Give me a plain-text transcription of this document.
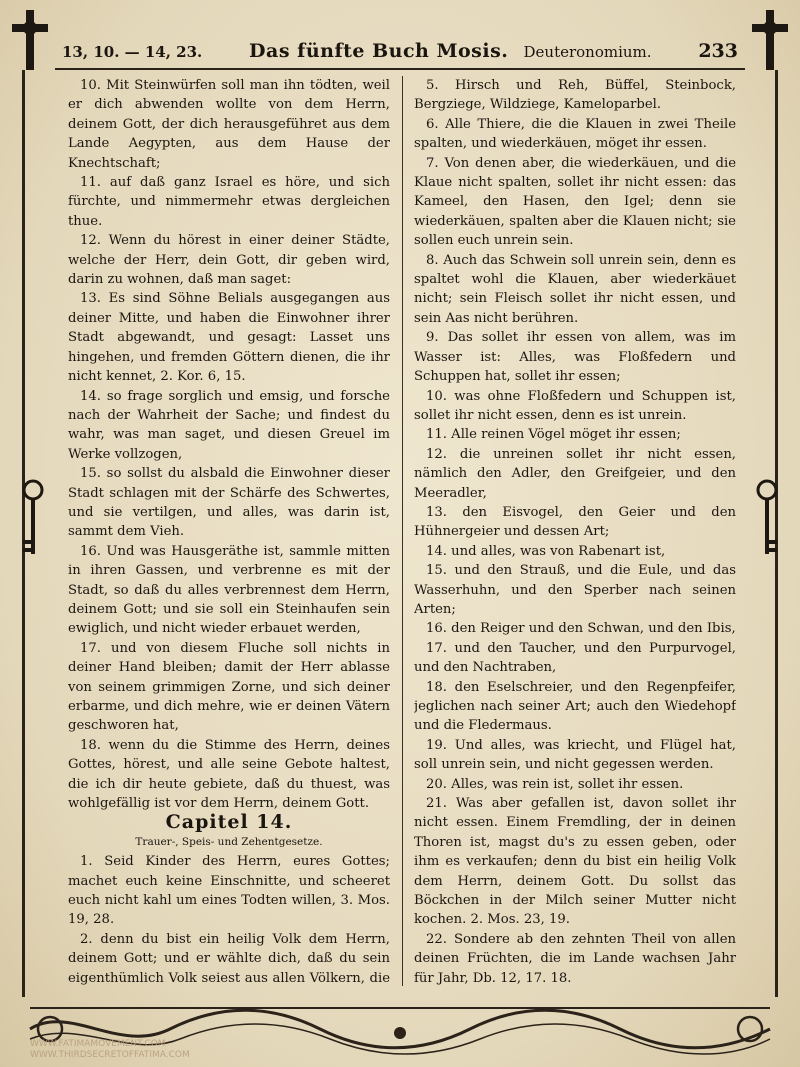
13, 10. — 14, 23. Das fünfte Buch Mosis. Deuteronomium. 233

10. Mit Steinwürfen soll man ihn tödten, weil er dich abwenden wollte von dem Herrn, deinem Gott, der dich herausgeführet aus dem Lande Aegypten, aus dem Hause der Knechtschaft;

11. auf daß ganz Israel es höre, und sich fürchte, und nimmermehr etwas dergleichen thue.

12. Wenn du hörest in einer deiner Städte, welche der Herr, dein Gott, dir geben wird, darin zu wohnen, daß man saget:

13. Es sind Söhne Belials ausgegangen aus deiner Mitte, und haben die Einwohner ihrer Stadt abgewandt, und gesagt: Lasset uns hingehen, und fremden Göttern dienen, die ihr nicht kennet, 2. Kor. 6, 15.

14. so frage sorglich und emsig, und forsche nach der Wahrheit der Sache; und findest du wahr, was man saget, und diesen Greuel im Werke vollzogen,

15. so sollst du alsbald die Einwohner dieser Stadt schlagen mit der Schärfe des Schwertes, und sie vertilgen, und alles, was darin ist, sammt dem Vieh.

16. Und was Hausgeräthe ist, sammle mitten in ihren Gassen, und verbrenne es mit der Stadt, so daß du alles verbrennest dem Herrn, deinem Gott; und sie soll ein Steinhaufen sein ewiglich, und nicht wieder erbauet werden,

17. und von diesem Fluche soll nichts in deiner Hand bleiben; damit der Herr ablasse von seinem grimmigen Zorne, und sich deiner erbarme, und dich mehre, wie er deinen Vätern geschworen hat,

18. wenn du die Stimme des Herrn, deines Gottes, hörest, und alle seine Gebote haltest, die ich dir heute gebiete, daß du thuest, was wohlgefällig ist vor dem Herrn, deinem Gott.

Capitel 14.

Trauer-, Speis- und Zehentgesetze.

1. Seid Kinder des Herrn, eures Gottes; machet euch keine Einschnitte, und scheeret euch nicht kahl um eines Todten willen, 3. Mos. 19, 28.

2. denn du bist ein heilig Volk dem Herrn, deinem Gott; und er wählte dich, daß du sein eigenthümlich Volk seiest aus allen Völkern, die

5. Hirsch und Reh, Büffel, Steinbock, Bergziege, Wildziege, Kameloparbel.

6. Alle Thiere, die die Klauen in zwei Theile spalten, und wiederkäuen, möget ihr essen.

7. Von denen aber, die wiederkäuen, und die Klaue nicht spalten, sollet ihr nicht essen: das Kameel, den Hasen, den Igel; denn sie wiederkäuen, spalten aber die Klauen nicht; sie sollen euch unrein sein.

8. Auch das Schwein soll unrein sein, denn es spaltet wohl die Klauen, aber wiederkäuet nicht; sein Fleisch sollet ihr nicht essen, und sein Aas nicht berühren.

9. Das sollet ihr essen von allem, was im Wasser ist: Alles, was Floßfedern und Schuppen hat, sollet ihr essen;

10. was ohne Floßfedern und Schuppen ist, sollet ihr nicht essen, denn es ist unrein.

11. Alle reinen Vögel möget ihr essen;

12. die unreinen sollet ihr nicht essen, nämlich den Adler, den Greifgeier, und den Meeradler,

13. den Eisvogel, den Geier und den Hühnergeier und dessen Art;

14. und alles, was von Rabenart ist,

15. und den Strauß, und die Eule, und das Wasserhuhn, und den Sperber nach seinen Arten;

16. den Reiger und den Schwan, und den Ibis,

17. und den Taucher, und den Purpurvogel, und den Nachtraben,

18. den Eselschreier, und den Regenpfeifer, jeglichen nach seiner Art; auch den Wiedehopf und die Fledermaus.

19. Und alles, was kriecht, und Flügel hat, soll unrein sein, und nicht gegessen werden.

20. Alles, was rein ist, sollet ihr essen.

21. Was aber gefallen ist, davon sollet ihr nicht essen. Einem Fremdling, der in deinen Thoren ist, magst du's zu essen geben, oder ihm es verkaufen; denn du bist ein heilig Volk dem Herrn, deinem Gott. Du sollst das Böckchen in der Milch seiner Mutter nicht kochen. 2. Mos. 23, 19.

22. Sondere ab den zehnten Theil von allen deinen Früchten, die im Lande wachsen Jahr für Jahr, Db. 12, 17. 18.

WWW.FATIMAMOVEMENT.COM
WWW.THIRDSECRETOFFATIMA.COM
